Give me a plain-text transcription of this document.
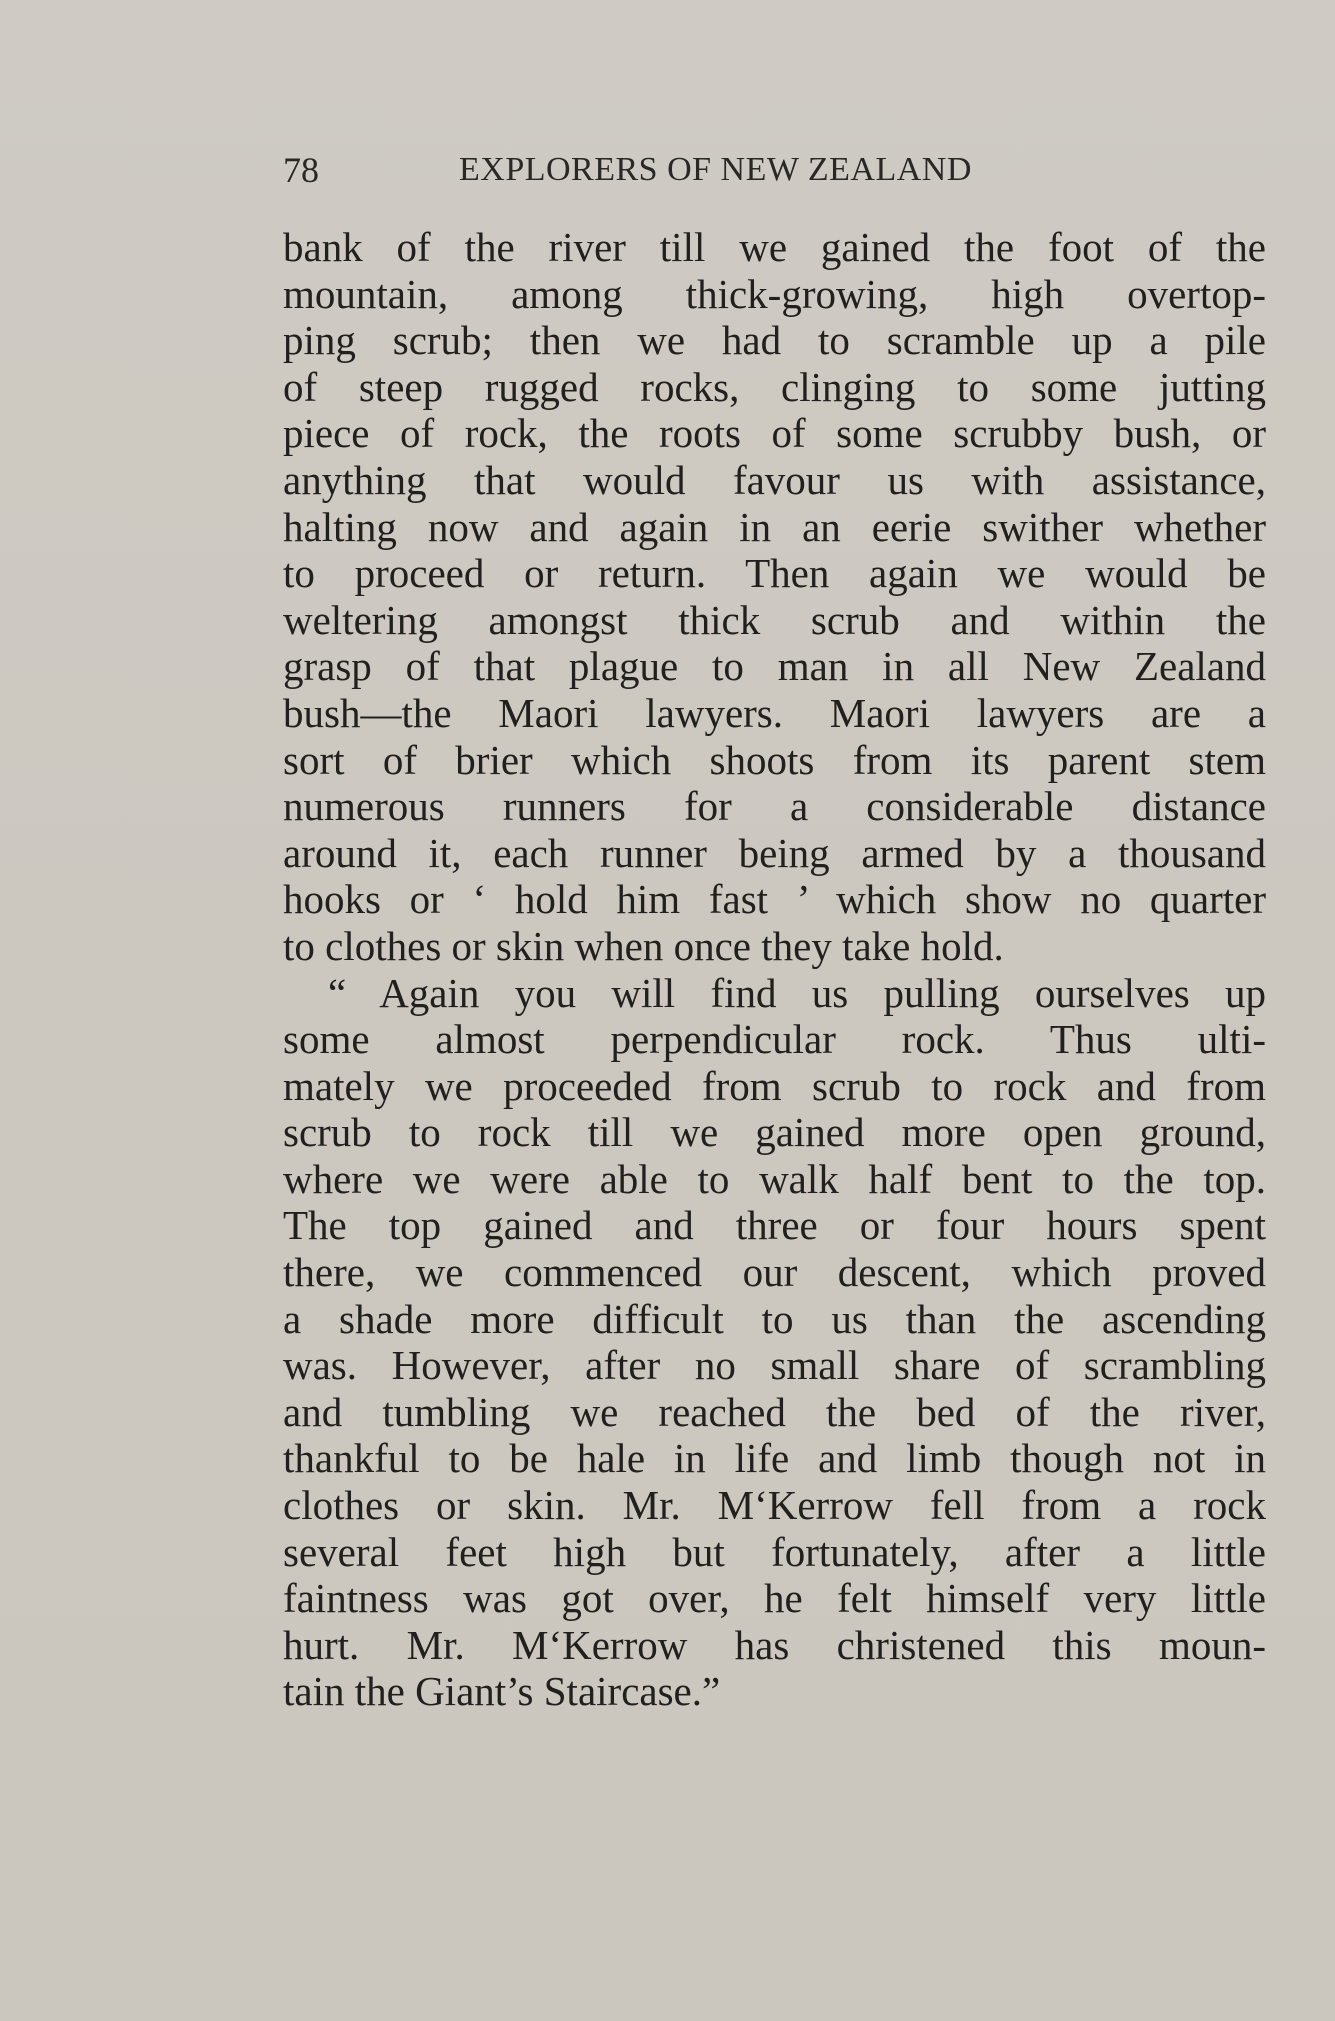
78	EXPLORERS OF NEW ZEALAND
bank of the river till we gained the foot of the
mountain, among thick-growing, high overtop-
ping scrub; then we had to scramble up a pile
of steep rugged rocks, clinging to some jutting
piece of rock, the roots of some scrubby bush, or
anything that would favour us with assistance,
halting now and again in an eerie swither whether
to proceed or return. Then again we would be
weltering amongst thick scrub and within the
grasp of that plague to man in all New Zealand
bush—the Maori lawyers. Maori lawyers are a
sort of brier which shoots from its parent stem
numerous runners for a considerable distance
around it, each runner being armed by a thousand
hooks or ‘ hold him fast ’ which show no quarter
to clothes or skin when once they take hold.
“ Again you will find us pulling ourselves up
some almost perpendicular rock. Thus ulti-
mately we proceeded from scrub to rock and from
scrub to rock till we gained more open ground,
where we were able to walk half bent to the top.
The top gained and three or four hours spent
there, we commenced our descent, which proved
a shade more difficult to us than the ascending
was. However, after no small share of scrambling
and tumbling we reached the bed of the river,
thankful to be hale in life and limb though not in
clothes or skin. Mr. M‘Kerrow fell from a rock
several feet high but fortunately, after a little
faintness was got over, he felt himself very little
hurt. Mr. M‘Kerrow has christened this moun-
tain the Giant’s Staircase.”
